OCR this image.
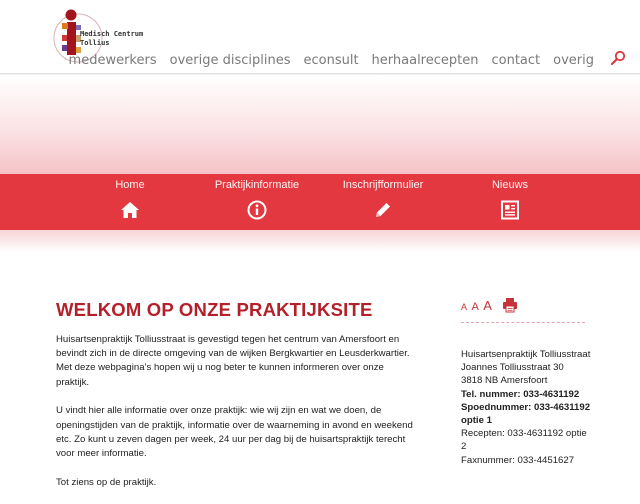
Medisch Centrum
Tollius
medewerkers overige disciplines econsult herhaalrecepten contact overig
Home	Praktijkinformatie	Inschrijfformulier	Nieuws
WELKOM OP ONZE PRAKTIJKSITE

Huisartsenpraktijk Tolliusstraat is gevestigd tegen het centrum van Amersfoort en bevindt zich in de directe omgeving van de wijken Bergkwartier en Leusderkwartier. Met deze webpagina’s hopen wij u nog beter te kunnen informeren over onze praktijk.

U vindt hier alle informatie over onze praktijk: wie wij zijn en wat we doen, de openingstijden van de praktijk, informatie over de waarneming in avond en weekend etc. Zo kunt u zeven dagen per week, 24 uur per dag bij de huisartspraktijk terecht voor meer informatie.

Tot ziens op de praktijk.

A A A
Huisartsenpraktijk Tolliusstraat
Joannes Tolliusstraat 30
3818 NB Amersfoort
Tel. nummer: 033-4631192
Spoednummer: 033-4631192 optie 1
Recepten: 033-4631192 optie 2
Faxnummer: 033-4451627
